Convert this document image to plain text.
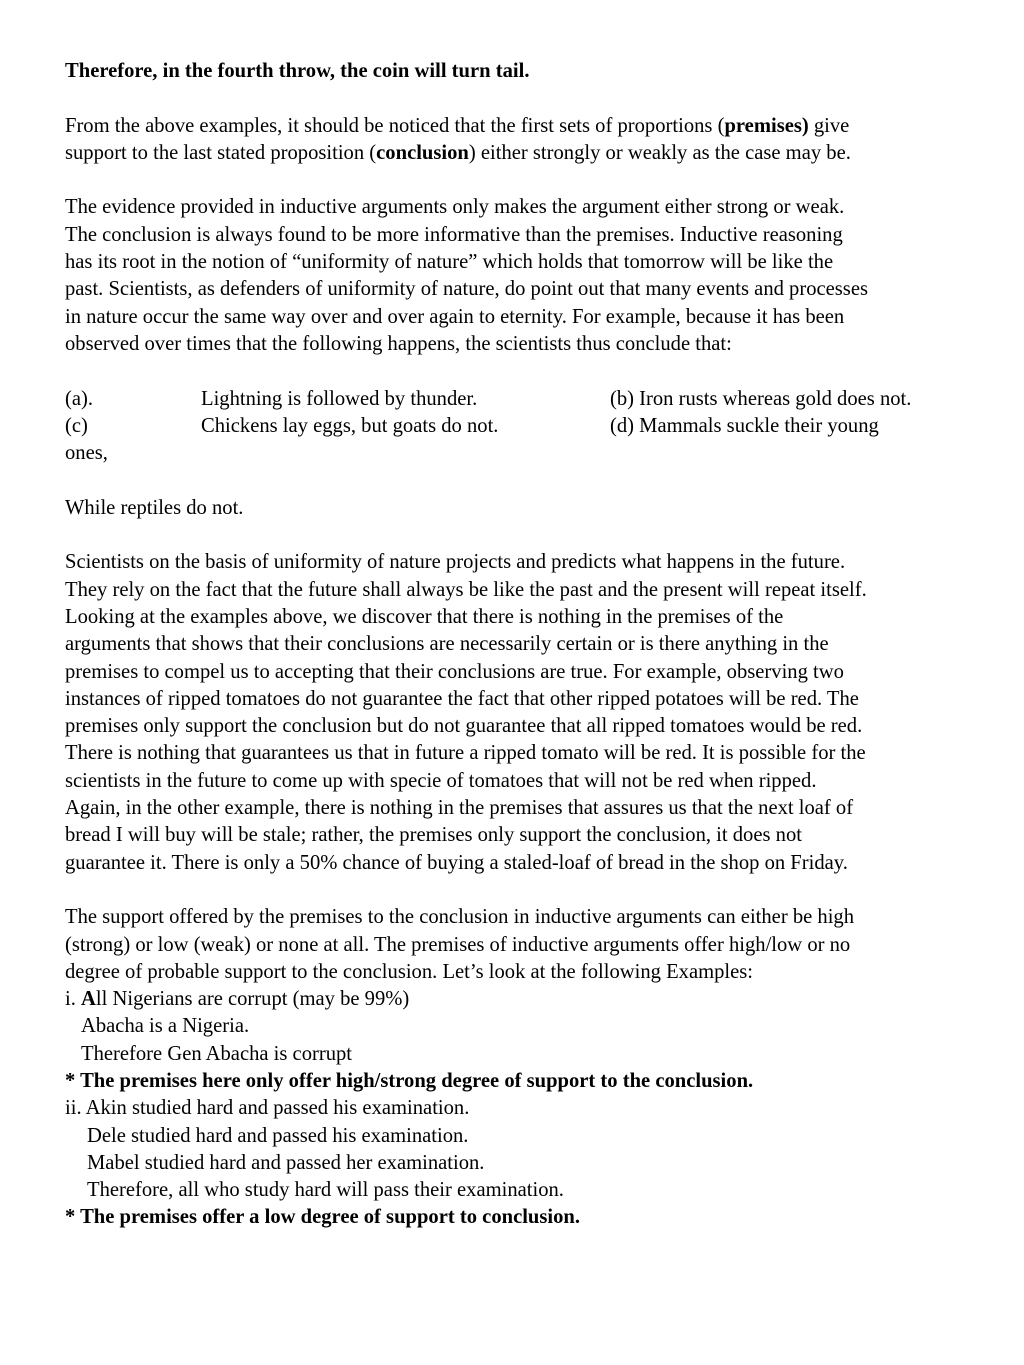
Therefore, in the fourth throw, the coin will turn tail.

From the above examples, it should be noticed that the first sets of proportions (premises) give
support to the last stated proposition (conclusion) either strongly or weakly as the case may be.
The evidence provided in inductive arguments only makes the argument either strong or weak.
The conclusion is always found to be more informative than the premises. Inductive reasoning
has its root in the notion of “uniformity of nature” which holds that tomorrow will be like the
past. Scientists, as defenders of uniformity of nature, do point out that many events and processes
in nature occur the same way over and over again to eternity. For example, because it has been
observed over times that the following happens, the scientists thus conclude that:
(a).	Lightning is followed by thunder.	(b) Iron rusts whereas gold does not.
(c)	Chickens lay eggs, but goats do not.	(d) Mammals suckle their young
ones,

While reptiles do not.

Scientists on the basis of uniformity of nature projects and predicts what happens in the future.
They rely on the fact that the future shall always be like the past and the present will repeat itself.
Looking at the examples above, we discover that there is nothing in the premises of the
arguments that shows that their conclusions are necessarily certain or is there anything in the
premises to compel us to accepting that their conclusions are true. For example, observing two
instances of ripped tomatoes do not guarantee the fact that other ripped potatoes will be red. The
premises only support the conclusion but do not guarantee that all ripped tomatoes would be red.
There is nothing that guarantees us that in future a ripped tomato will be red. It is possible for the
scientists in the future to come up with specie of tomatoes that will not be red when ripped.
Again, in the other example, there is nothing in the premises that assures us that the next loaf of
bread I will buy will be stale; rather, the premises only support the conclusion, it does not
guarantee it. There is only a 50% chance of buying a staled-loaf of bread in the shop on Friday.
The support offered by the premises to the conclusion in inductive arguments can either be high
(strong) or low (weak) or none at all. The premises of inductive arguments offer high/low or no
degree of probable support to the conclusion. Let’s look at the following Examples:
i. All Nigerians are corrupt (may be 99%)
Abacha is a Nigeria.
Therefore Gen Abacha is corrupt
* The premises here only offer high/strong degree of support to the conclusion.
ii. Akin studied hard and passed his examination.
Dele studied hard and passed his examination.
Mabel studied hard and passed her examination.
Therefore, all who study hard will pass their examination.
* The premises offer a low degree of support to conclusion.
